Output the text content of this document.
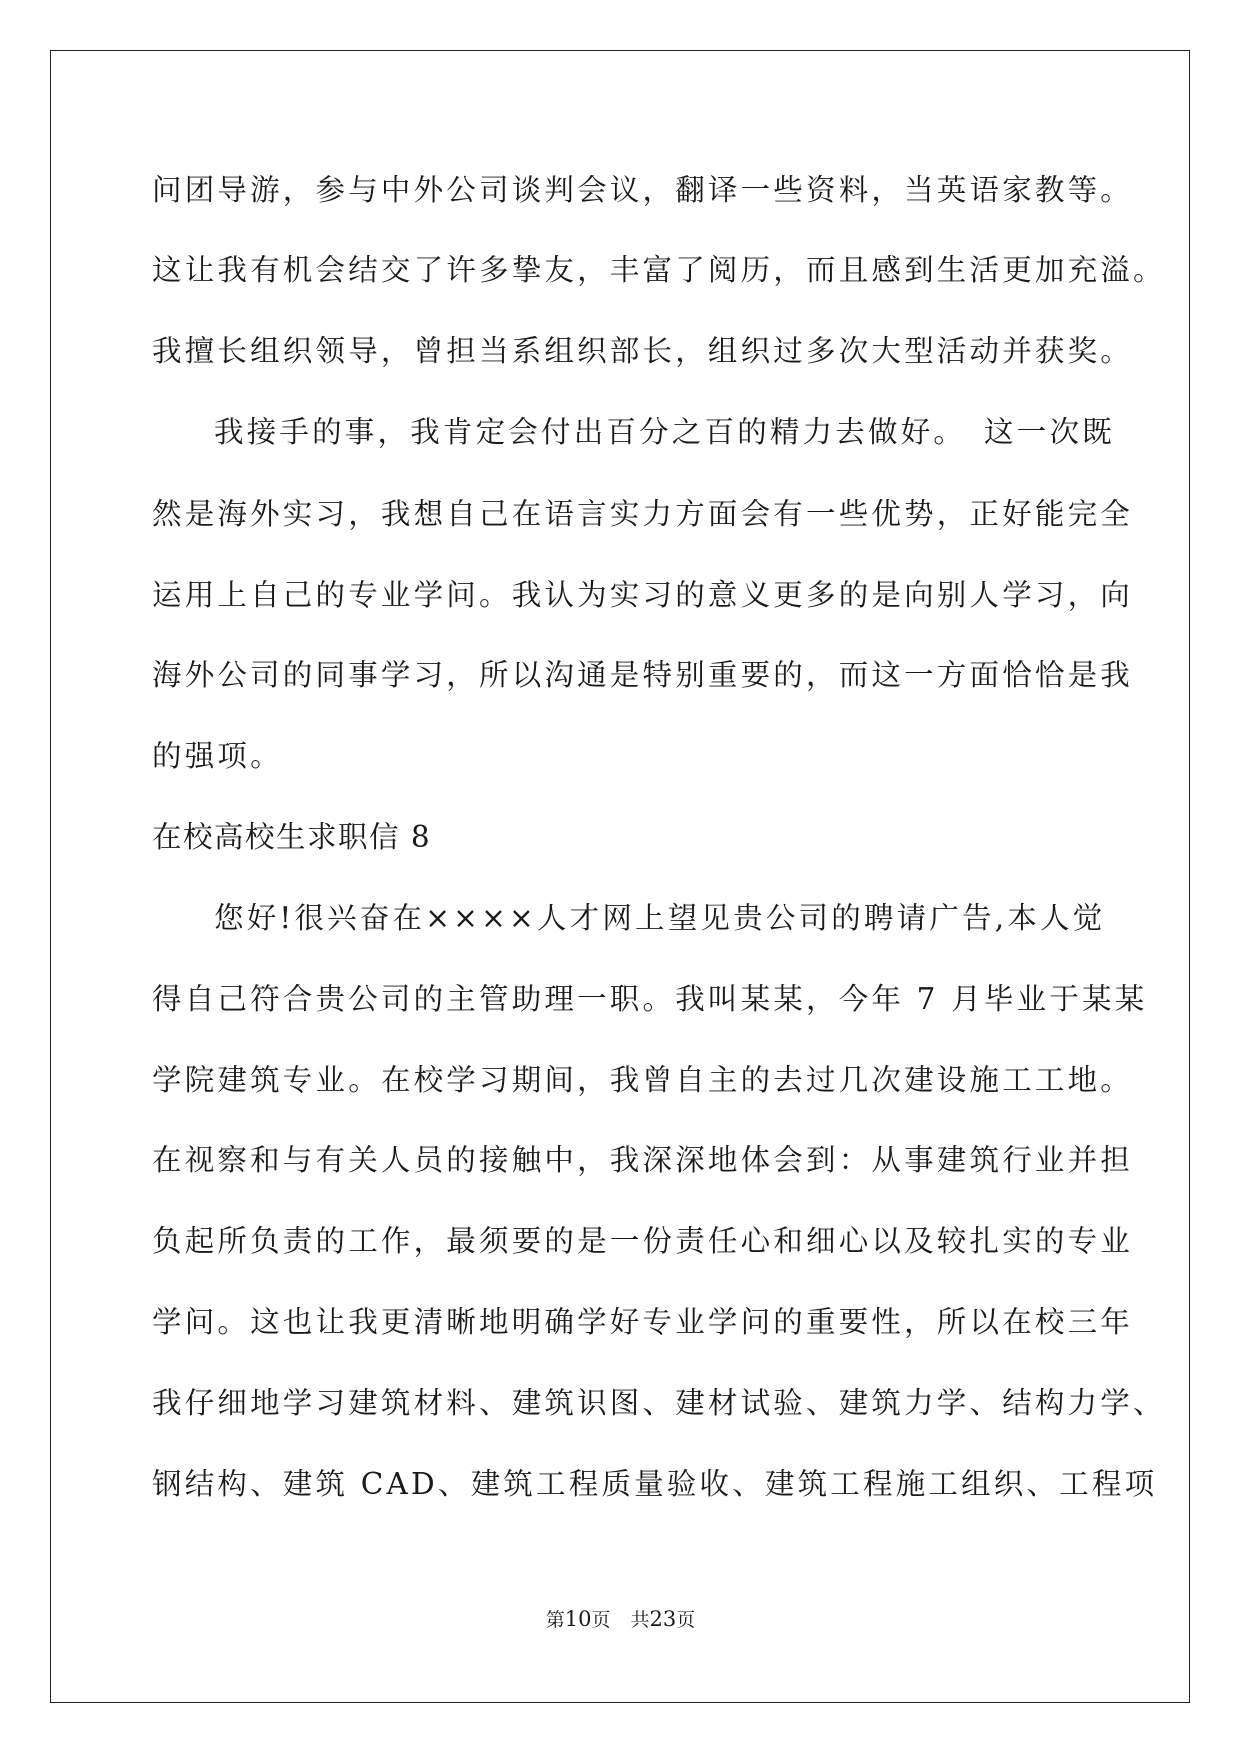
问团导游，参与中外公司谈判会议，翻译一些资料，当英语家教等。
这让我有机会结交了许多挚友，丰富了阅历，而且感到生活更加充溢。
我擅长组织领导，曾担当系组织部长，组织过多次大型活动并获奖。
我接手的事，我肯定会付出百分之百的精力去做好。　这一次既
然是海外实习，我想自己在语言实力方面会有一些优势，正好能完全
运用上自己的专业学问。我认为实习的意义更多的是向别人学习，向
海外公司的同事学习，所以沟通是特别重要的，而这一方面恰恰是我
的强项。
在校高校生求职信 8
您好!很兴奋在××××人才网上望见贵公司的聘请广告,本人觉
得自己符合贵公司的主管助理一职。我叫某某，今年 7 月毕业于某某
学院建筑专业。在校学习期间，我曾自主的去过几次建设施工工地。
在视察和与有关人员的接触中，我深深地体会到：从事建筑行业并担
负起所负责的工作，最须要的是一份责任心和细心以及较扎实的专业
学问。这也让我更清晰地明确学好专业学问的重要性，所以在校三年
我仔细地学习建筑材料、建筑识图、建材试验、建筑力学、结构力学、
钢结构、建筑 CAD、建筑工程质量验收、建筑工程施工组织、工程项
第10页 共23页
